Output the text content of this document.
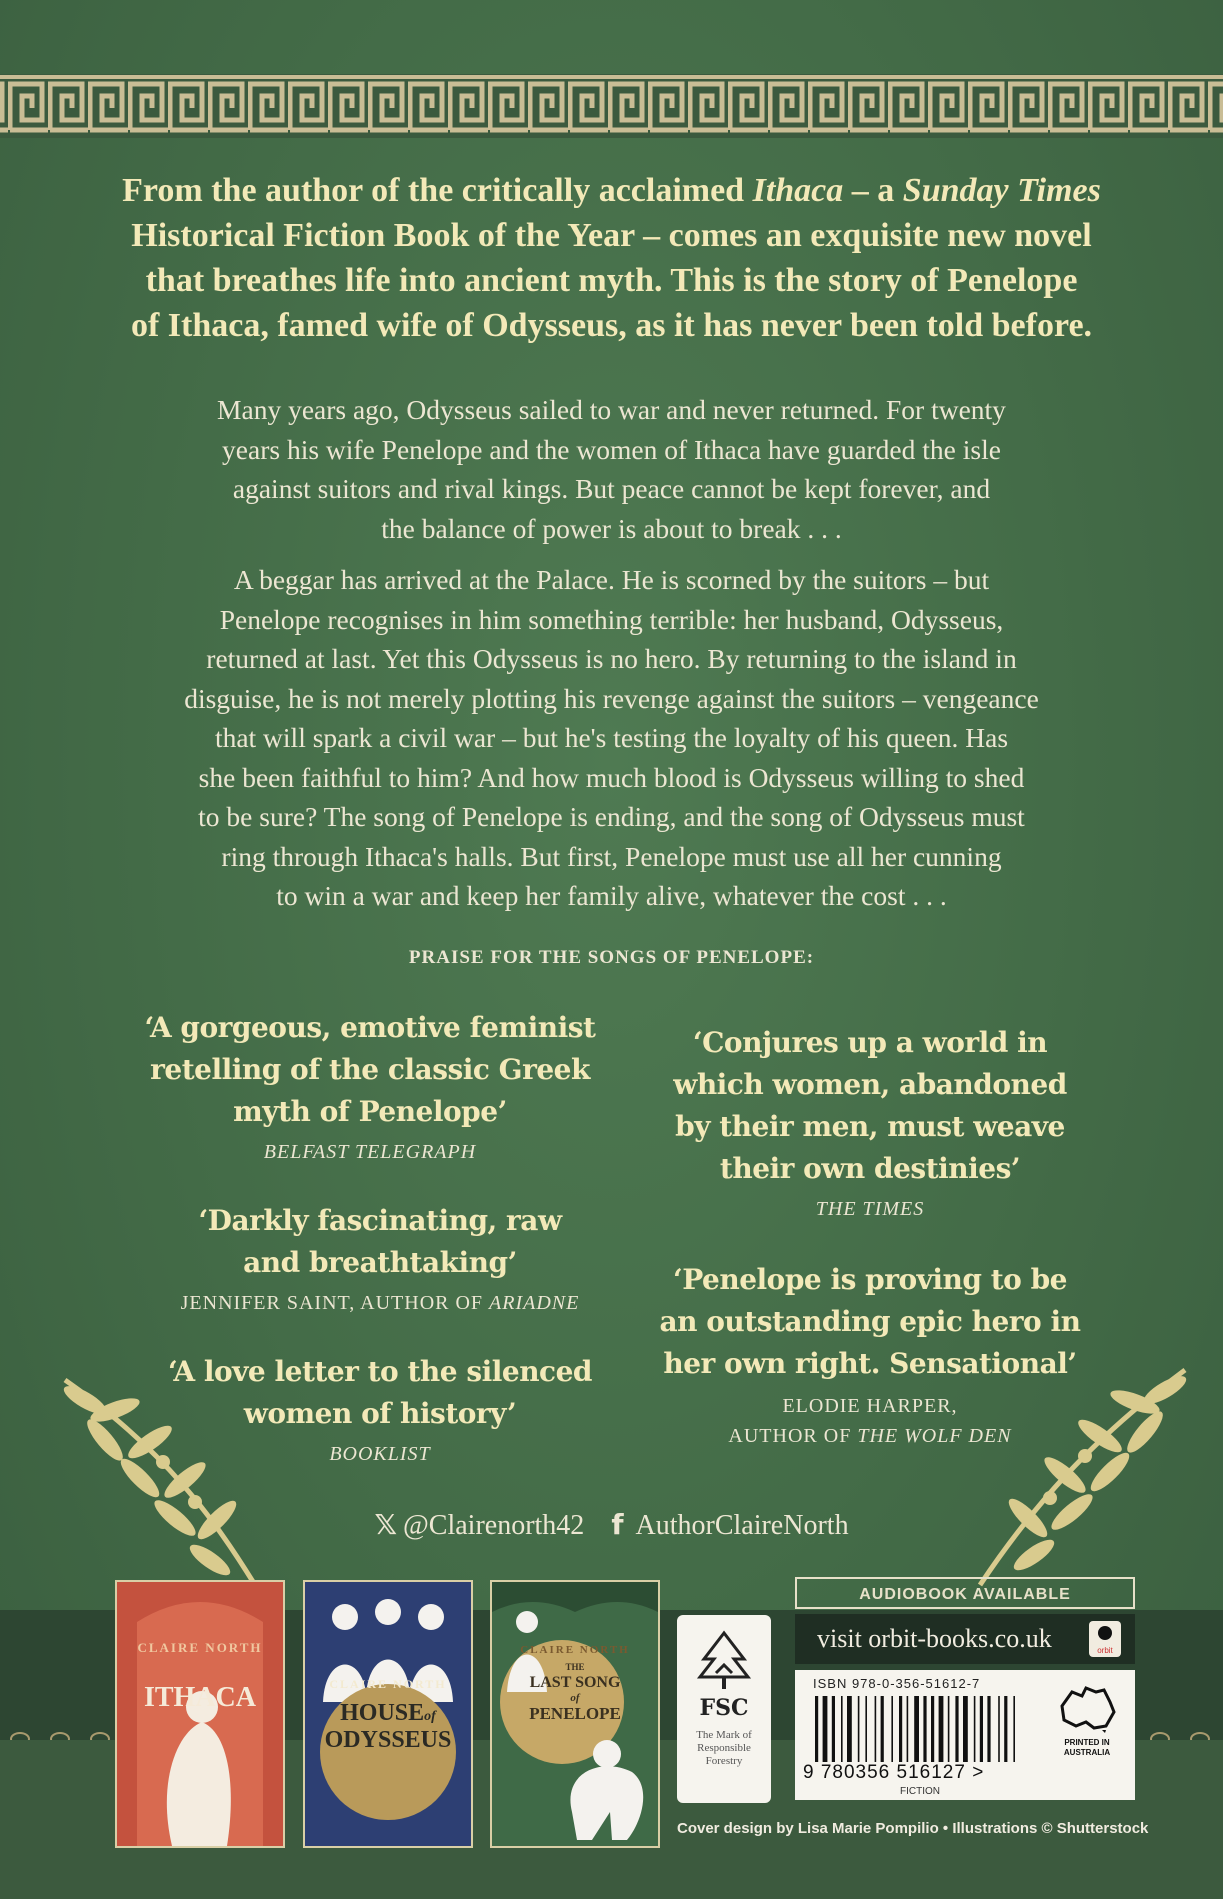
From the author of the critically acclaimed Ithaca – a Sunday Times
Historical Fiction Book of the Year – comes an exquisite new novel
that breathes life into ancient myth. This is the story of Penelope
of Ithaca, famed wife of Odysseus, as it has never been told before.
Many years ago, Odysseus sailed to war and never returned. For twenty
years his wife Penelope and the women of Ithaca have guarded the isle
against suitors and rival kings. But peace cannot be kept forever, and
the balance of power is about to break . . .
A beggar has arrived at the Palace. He is scorned by the suitors – but
Penelope recognises in him something terrible: her husband, Odysseus,
returned at last. Yet this Odysseus is no hero. By returning to the island in
disguise, he is not merely plotting his revenge against the suitors – vengeance
that will spark a civil war – but he's testing the loyalty of his queen. Has
she been faithful to him? And how much blood is Odysseus willing to shed
to be sure? The song of Penelope is ending, and the song of Odysseus must
ring through Ithaca's halls. But first, Penelope must use all her cunning
to win a war and keep her family alive, whatever the cost . . .
PRAISE FOR THE SONGS OF PENELOPE:
‘A gorgeous, emotive feminist
retelling of the classic Greek
myth of Penelope’
BELFAST TELEGRAPH
‘Darkly fascinating, raw
and breathtaking’
JENNIFER SAINT, AUTHOR OF ARIADNE
‘A love letter to the silenced
women of history’
BOOKLIST
‘Conjures up a world in
which women, abandoned
by their men, must weave
their own destinies’
THE TIMES
‘Penelope is proving to be
an outstanding epic hero in
her own right. Sensational’
ELODIE HARPER,
AUTHOR OF THE WOLF DEN
𝕏 @Clairenorth42 f AuthorClaireNorth
CLAIRE NORTH
ITHACA	CLAIRE NORTH
HOUSEof
ODYSSEUS
CLAIRE NORTH
THE
LAST SONG
of
PENELOPE	FSC
The Mark of
Responsible
Forestry
AUDIOBOOK AVAILABLE
visit orbit-books.co.uk	orbit
ISBN 978-0-356-51612-7
9 780356 516127 >
FICTION
PRINTED IN
AUSTRALIA
Cover design by Lisa Marie Pompilio • Illustrations © Shutterstock
